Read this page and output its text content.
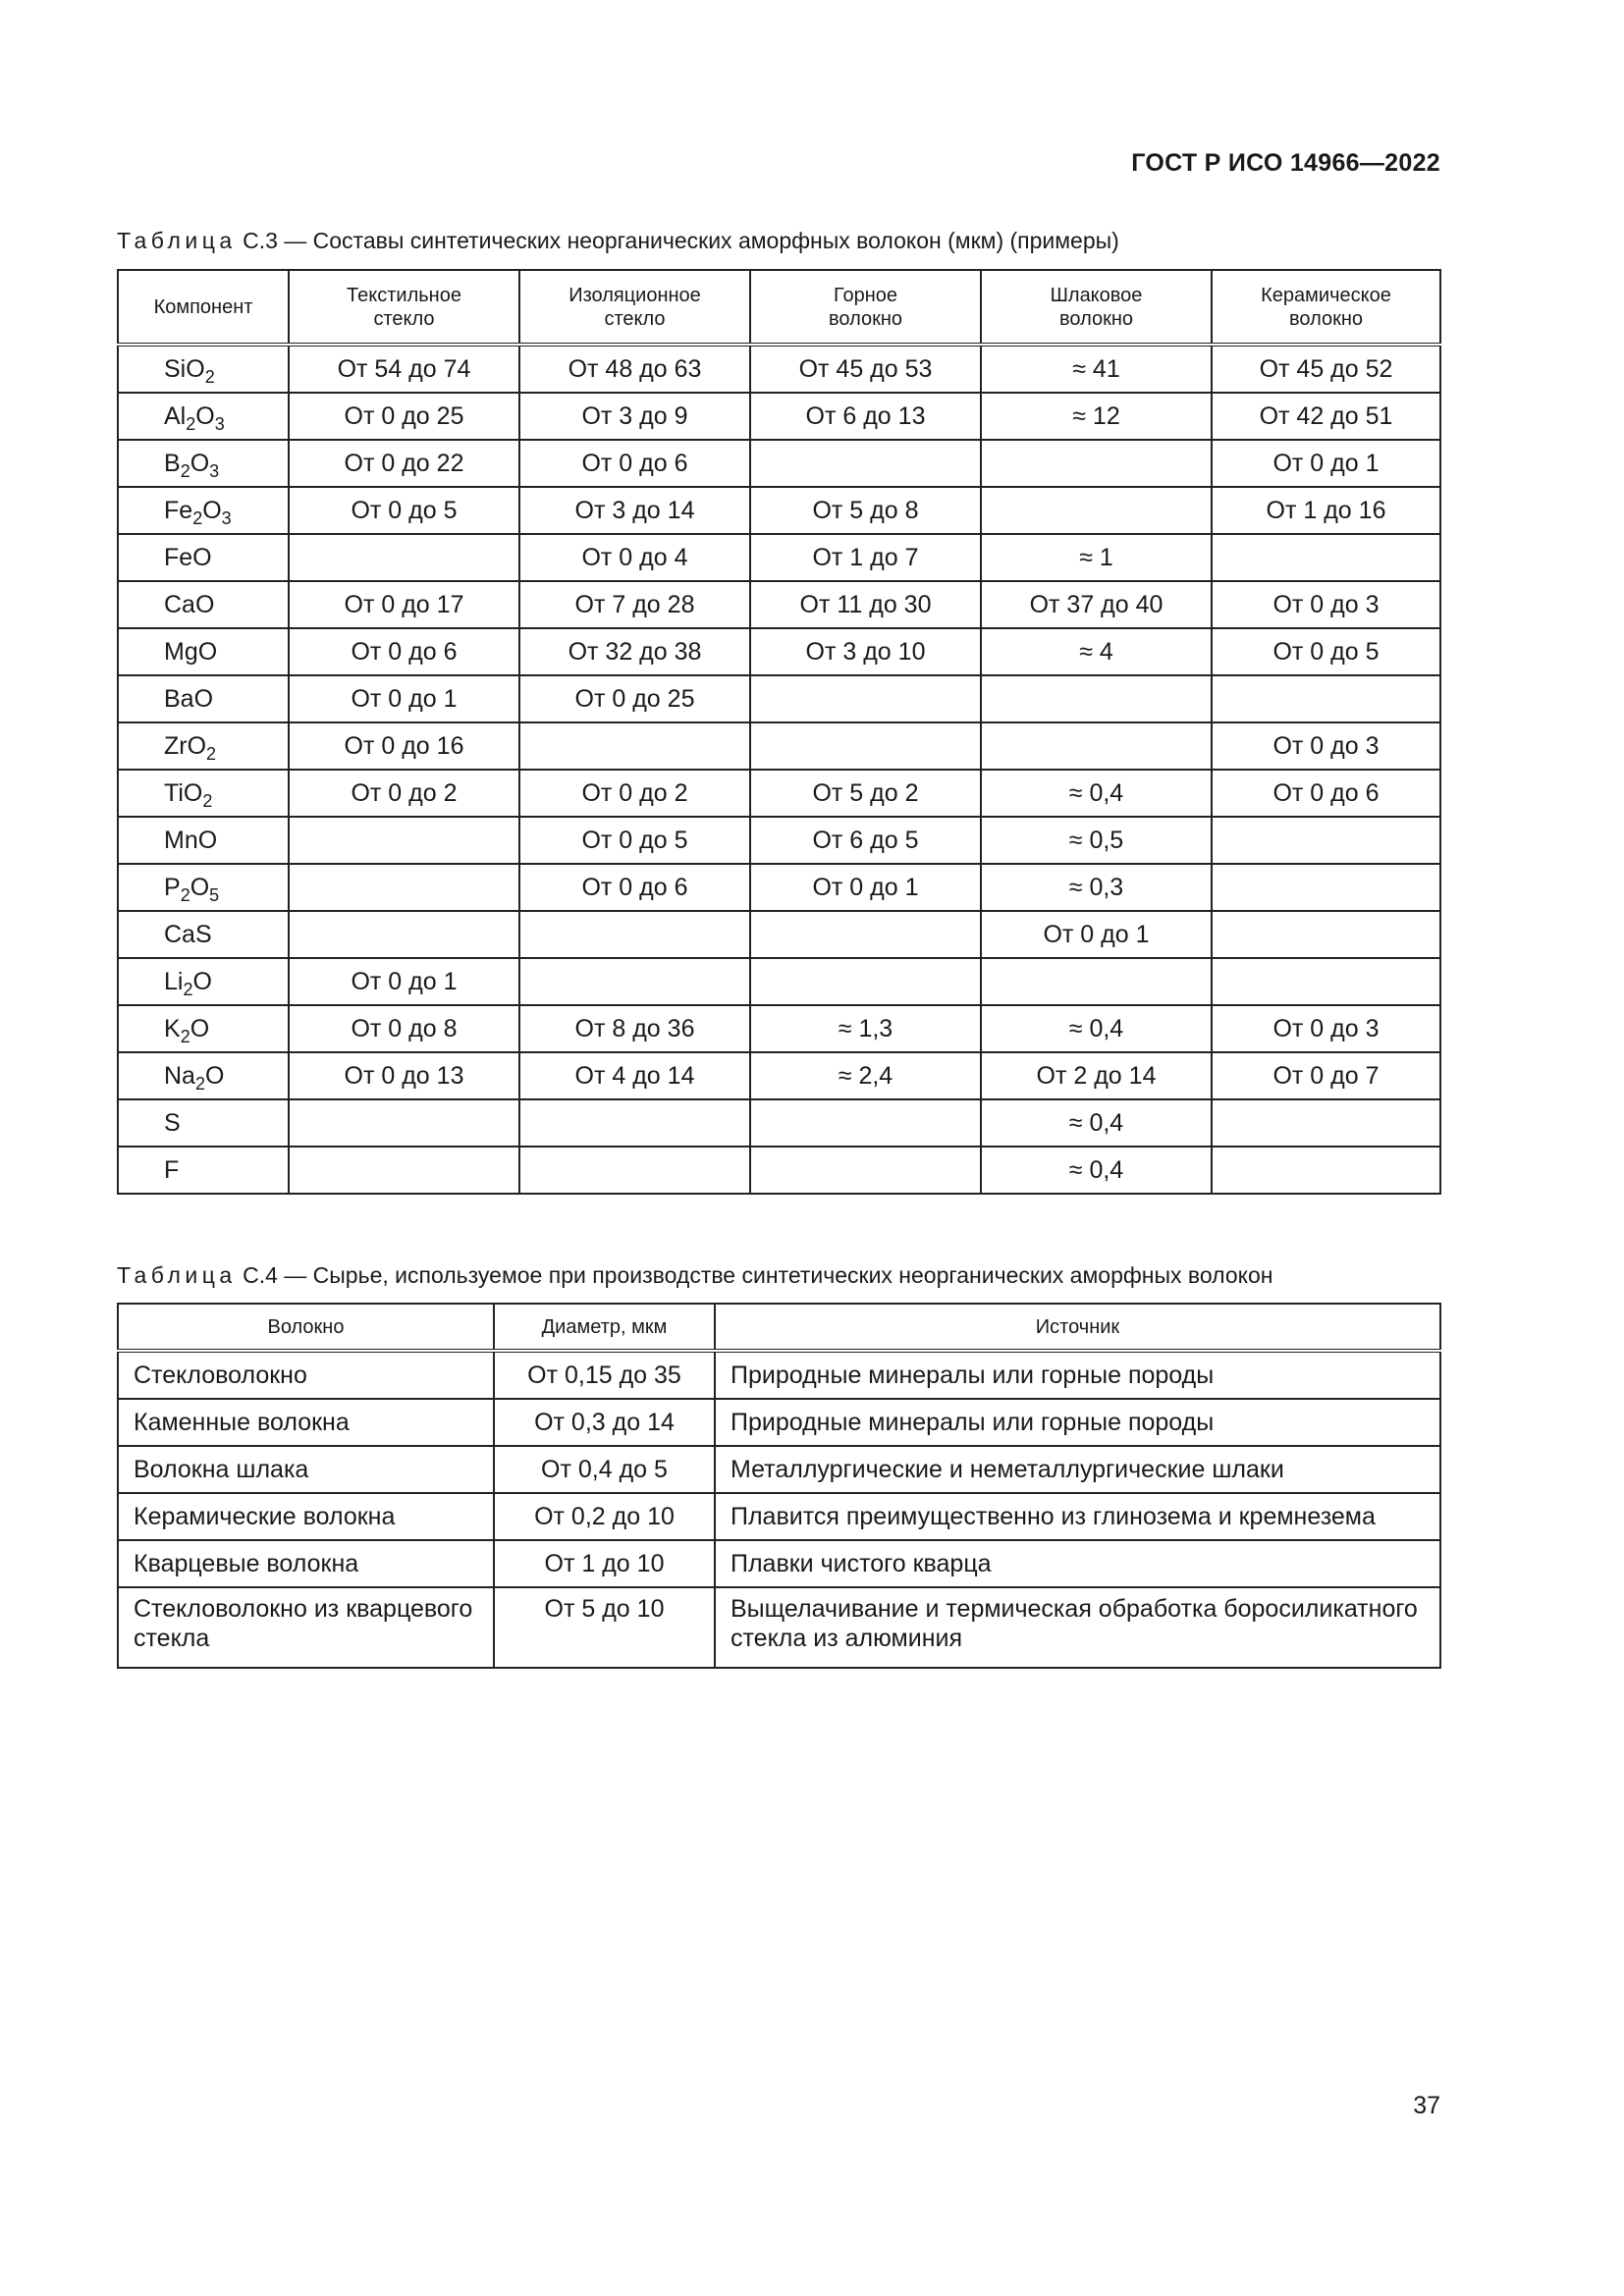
ГОСТ Р ИСО 14966—2022
Таблица С.3 — Составы синтетических неорганических аморфных волокон (мкм) (примеры)
Компонент	Текстильное стекло	Изоляционное стекло	Горное волокно	Шлаковое волокно	Керамическое волокно
SiO$_2$	От 54 до 74	От 48 до 63	От 45 до 53	≈ 41	От 45 до 52
$Al_2O_3$	От 0 до 25	От 3 до 9	От 6 до 13	≈ 12	От 42 до 51
$B_2O_3$	От 0 до 22	От 0 до 6			От 0 до 1
$Fe_2O_3$	От 0 до 5	От 3 до 14	От 5 до 8		От 1 до 16
FeO		От 0 до 4	От 1 до 7	≈ 1	
CaO	От 0 до 17	От 7 до 28	От 11 до 30	От 37 до 40	От 0 до 3
MgO	От 0 до 6	От 32 до 38	От 3 до 10	≈ 4	От 0 до 5
BaO	От 0 до 1	От 0 до 25			
ZrO$_2$	От 0 до 16				От 0 до 3
TiO$_2$	От 0 до 2	От 0 до 2	От 5 до 2	≈ 0,4	От 0 до 6
MnO		От 0 до 5	От 6 до 5	≈ 0,5	
$P_2O_5$		От 0 до 6	От 0 до 1	≈ 0,3	
CaS				От 0 до 1	
$Li_2O$	От 0 до 1				
$K_2O$	От 0 до 8	От 8 до 36	≈ 1,3	≈ 0,4	От 0 до 3
$Na_2O$	От 0 до 13	От 4 до 14	≈ 2,4	От 2 до 14	От 0 до 7
S				≈ 0,4	
F				≈ 0,4	
Таблица С.4 — Сырье, используемое при производстве синтетических неорганических аморфных волокон
Волокно	Диаметр, мкм	Источник
Стекловолокно	От 0,15 до 35	Природные минералы или горные породы
Каменные волокна	От 0,3 до 14	Природные минералы или горные породы
Волокна шлака	От 0,4 до 5	Металлургические и неметаллургические шлаки
Керамические волокна	От 0,2 до 10	Плавится преимущественно из глинозема и кремнезема
Кварцевые волокна	От 1 до 10	Плавки чистого кварца
Стекловолокно из кварцевого стекла	От 5 до 10	Выщелачивание и термическая обработка боросиликатного стекла из алюминия
37
